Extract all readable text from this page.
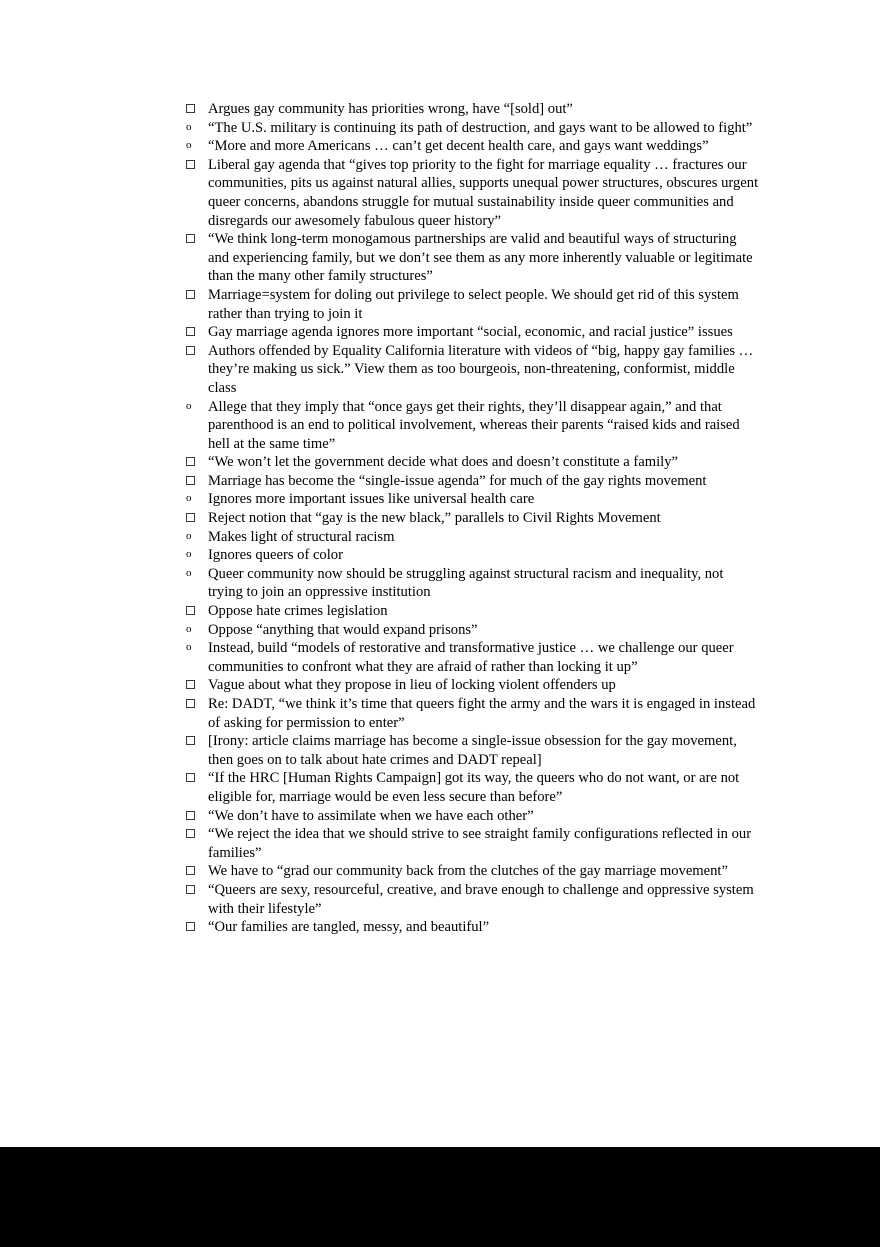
Argues gay community has priorities wrong, have “[sold] out”
o “The U.S. military is continuing its path of destruction, and gays want to be allowed to fight”
o “More and more Americans … can’t get decent health care, and gays want weddings”
Liberal gay agenda that “gives top priority to the fight for marriage equality … fractures our communities, pits us against natural allies, supports unequal power structures, obscures urgent queer concerns, abandons struggle for mutual sustainability inside queer communities and disregards our awesomely fabulous queer history”
“We think long-term monogamous partnerships are valid and beautiful ways of structuring and experiencing family, but we don’t see them as any more inherently valuable or legitimate than the many other family structures”
Marriage=system for doling out privilege to select people. We should get rid of this system rather than trying to join it
Gay marriage agenda ignores more important “social, economic, and racial justice” issues
Authors offended by Equality California literature with videos of “big, happy gay families … they’re making us sick.” View them as too bourgeois, non-threatening, conformist, middle class
o Allege that they imply that “once gays get their rights, they’ll disappear again,” and that parenthood is an end to political involvement, whereas their parents “raised kids and raised hell at the same time”
“We won’t let the government decide what does and doesn’t constitute a family”
Marriage has become the “single-issue agenda” for much of the gay rights movement
o Ignores more important issues like universal health care
Reject notion that “gay is the new black,” parallels to Civil Rights Movement
o Makes light of structural racism
o Ignores queers of color
o Queer community now should be struggling against structural racism and inequality, not trying to join an oppressive institution
Oppose hate crimes legislation
o Oppose “anything that would expand prisons”
o Instead, build “models of restorative and transformative justice … we challenge our queer communities to confront what they are afraid of rather than locking it up”
Vague about what they propose in lieu of locking violent offenders up
Re: DADT, “we think it’s time that queers fight the army and the wars it is engaged in instead of asking for permission to enter”
[Irony: article claims marriage has become a single-issue obsession for the gay movement, then goes on to talk about hate crimes and DADT repeal]
“If the HRC [Human Rights Campaign] got its way, the queers who do not want, or are not eligible for, marriage would be even less secure than before”
“We don’t have to assimilate when we have each other”
“We reject the idea that we should strive to see straight family configurations reflected in our families”
We have to “grad our community back from the clutches of the gay marriage movement”
“Queers are sexy, resourceful, creative, and brave enough to challenge and oppressive system with their lifestyle”
“Our families are tangled, messy, and beautiful”
